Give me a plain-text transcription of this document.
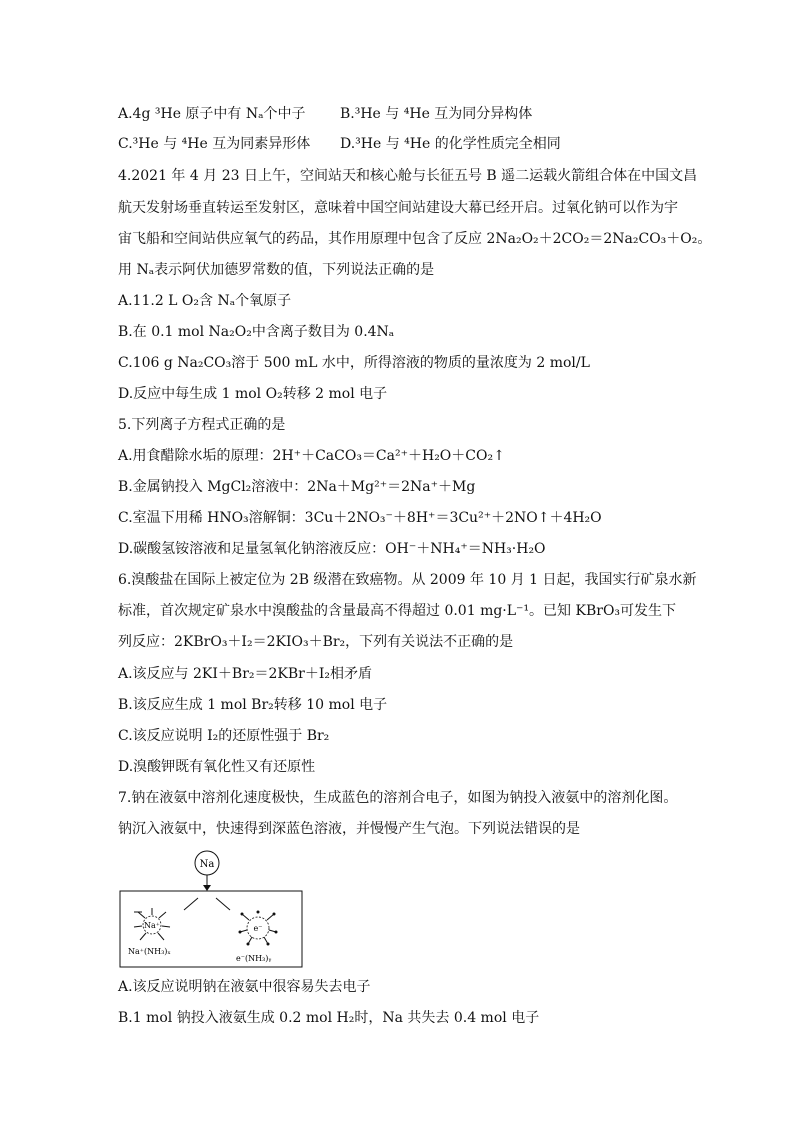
A.4g ³He 原子中有 Nₐ个中子 B.³He 与 ⁴He 互为同分异构体
C.³He 与 ⁴He 互为同素异形体 D.³He 与 ⁴He 的化学性质完全相同
4.2021 年 4 月 23 日上午，空间站天和核心舱与长征五号 B 遥二运载火箭组合体在中国文昌
航天发射场垂直转运至发射区，意味着中国空间站建设大幕已经开启。过氧化钠可以作为宇
宙飞船和空间站供应氧气的药品，其作用原理中包含了反应 2Na₂O₂＋2CO₂＝2Na₂CO₃＋O₂。
用 Nₐ表示阿伏加德罗常数的值，下列说法正确的是
A.11.2 L O₂含 Nₐ个氧原子
B.在 0.1 mol Na₂O₂中含离子数目为 0.4Nₐ
C.106 g Na₂CO₃溶于 500 mL 水中，所得溶液的物质的量浓度为 2 mol/L
D.反应中每生成 1 mol O₂转移 2 mol 电子
5.下列离子方程式正确的是
A.用食醋除水垢的原理：2H⁺＋CaCO₃＝Ca²⁺＋H₂O＋CO₂↑
B.金属钠投入 MgCl₂溶液中：2Na＋Mg²⁺＝2Na⁺＋Mg
C.室温下用稀 HNO₃溶解铜：3Cu＋2NO₃⁻＋8H⁺＝3Cu²⁺＋2NO↑＋4H₂O
D.碳酸氢铵溶液和足量氢氧化钠溶液反应：OH⁻＋NH₄⁺＝NH₃·H₂O
6.溴酸盐在国际上被定位为 2B 级潜在致癌物。从 2009 年 10 月 1 日起，我国实行矿泉水新
标准，首次规定矿泉水中溴酸盐的含量最高不得超过 0.01 mg·L⁻¹。已知 KBrO₃可发生下
列反应：2KBrO₃＋I₂＝2KIO₃＋Br₂，下列有关说法不正确的是
A.该反应与 2KI＋Br₂＝2KBr＋I₂相矛盾
B.该反应生成 1 mol Br₂转移 10 mol 电子
C.该反应说明 I₂的还原性强于 Br₂
D.溴酸钾既有氧化性又有还原性
7.钠在液氨中溶剂化速度极快，生成蓝色的溶剂合电子，如图为钠投入液氨中的溶剂化图。
钠沉入液氨中，快速得到深蓝色溶液，并慢慢产生气泡。下列说法错误的是
Na
Na⁺
Na⁺(NH₃)ₓ
e⁻
e⁻(NH₃)ᵧ
A.该反应说明钠在液氨中很容易失去电子
B.1 mol 钠投入液氨生成 0.2 mol H₂时，Na 共失去 0.4 mol 电子
